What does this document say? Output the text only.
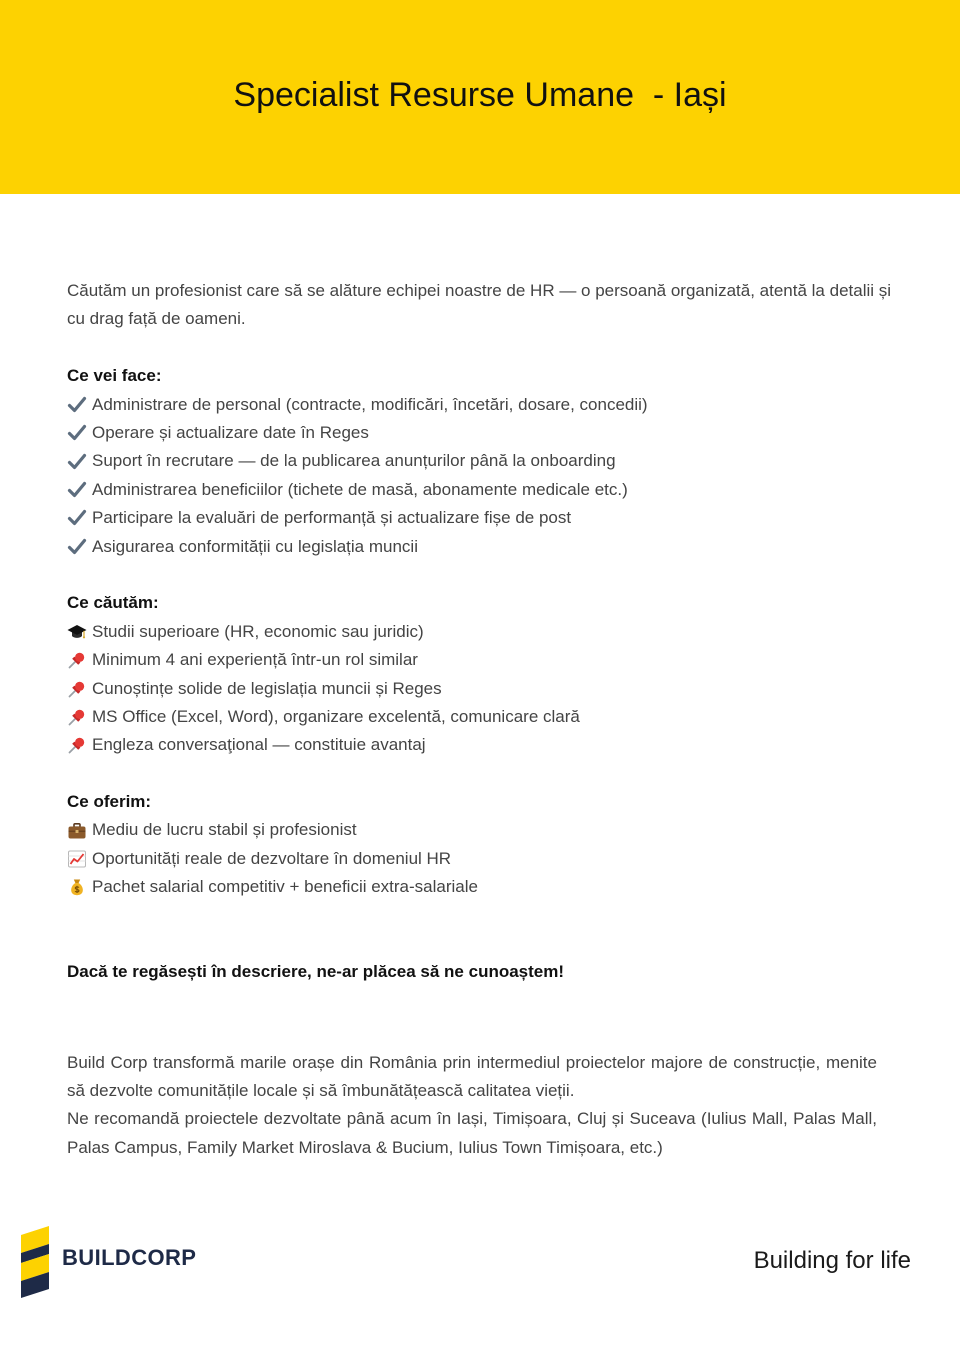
Specialist Resurse Umane  - Iași

Căutăm un profesionist care să se alăture echipei noastre de HR — o persoană organizată, atentă la detalii și cu drag față de oameni.

Ce vei face:
Administrare de personal (contracte, modificări, încetări, dosare, concedii)
Operare și actualizare date în Reges
Suport în recrutare — de la publicarea anunțurilor până la onboarding
Administrarea beneficiilor (tichete de masă, abonamente medicale etc.)
Participare la evaluări de performanță și actualizare fișe de post
Asigurarea conformității cu legislația muncii
Ce căutăm:
Studii superioare (HR, economic sau juridic)
Minimum 4 ani experiență într-un rol similar
Cunoștințe solide de legislația muncii și Reges
MS Office (Excel, Word), organizare excelentă, comunicare clară
Engleza conversaţional — constituie avantaj
Ce oferim:
Mediu de lucru stabil și profesionist
Oportunități reale de dezvoltare în domeniul HR
Pachet salarial competitiv + beneficii extra-salariale
Dacă te regăsești în descriere, ne-ar plăcea să ne cunoaștem!

Build Corp transformă marile orașe din România prin intermediul proiectelor majore de construcție, menite să dezvolte comunitățile locale și să îmbunătățească calitatea vieții.

Ne recomandă proiectele dezvoltate până acum în Iași, Timișoara, Cluj și Suceava (Iulius Mall, Palas Mall, Palas Campus, Family Market Miroslava & Bucium, Iulius Town Timișoara, etc.)

BUILDCORP	Building for life
